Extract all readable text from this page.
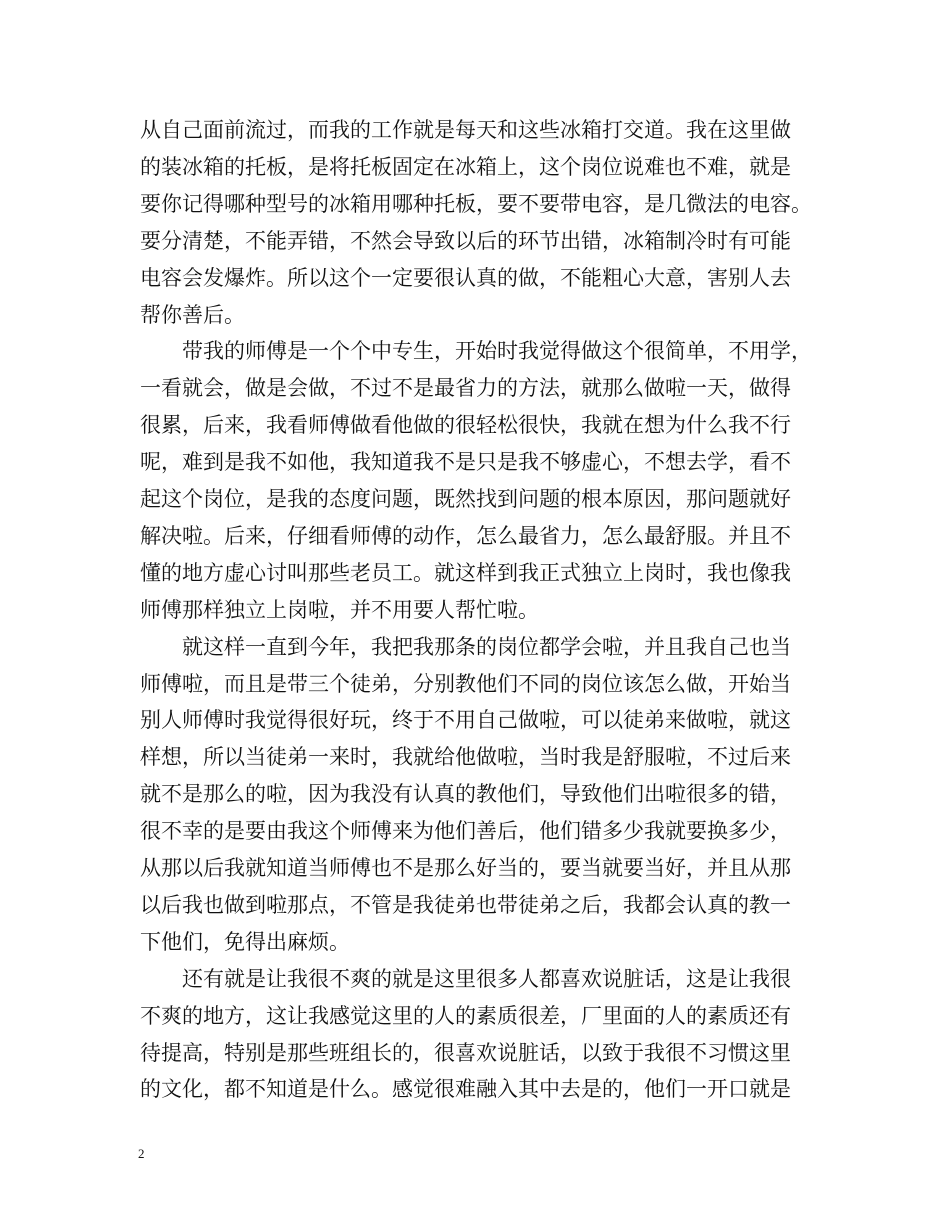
从自己面前流过，而我的工作就是每天和这些冰箱打交道。我在这里做
的装冰箱的托板，是将托板固定在冰箱上，这个岗位说难也不难，就是
要你记得哪种型号的冰箱用哪种托板，要不要带电容，是几微法的电容。
要分清楚，不能弄错，不然会导致以后的环节出错，冰箱制冷时有可能
电容会发爆炸。所以这个一定要很认真的做，不能粗心大意，害别人去
帮你善后。
　　带我的师傅是一个个中专生，开始时我觉得做这个很简单，不用学，
一看就会，做是会做，不过不是最省力的方法，就那么做啦一天，做得
很累，后来，我看师傅做看他做的很轻松很快，我就在想为什么我不行
呢，难到是我不如他，我知道我不是只是我不够虚心，不想去学，看不
起这个岗位，是我的态度问题，既然找到问题的根本原因，那问题就好
解决啦。后来，仔细看师傅的动作，怎么最省力，怎么最舒服。并且不
懂的地方虚心讨叫那些老员工。就这样到我正式独立上岗时，我也像我
师傅那样独立上岗啦，并不用要人帮忙啦。
　　就这样一直到今年，我把我那条的岗位都学会啦，并且我自己也当
师傅啦，而且是带三个徒弟，分别教他们不同的岗位该怎么做，开始当
别人师傅时我觉得很好玩，终于不用自己做啦，可以徒弟来做啦，就这
样想，所以当徒弟一来时，我就给他做啦，当时我是舒服啦，不过后来
就不是那么的啦，因为我没有认真的教他们，导致他们出啦很多的错，
很不幸的是要由我这个师傅来为他们善后，他们错多少我就要换多少，
从那以后我就知道当师傅也不是那么好当的，要当就要当好，并且从那
以后我也做到啦那点，不管是我徒弟也带徒弟之后，我都会认真的教一
下他们，免得出麻烦。
　　还有就是让我很不爽的就是这里很多人都喜欢说脏话，这是让我很
不爽的地方，这让我感觉这里的人的素质很差，厂里面的人的素质还有
待提高，特别是那些班组长的，很喜欢说脏话，以致于我很不习惯这里
的文化，都不知道是什么。感觉很难融入其中去是的，他们一开口就是
2
